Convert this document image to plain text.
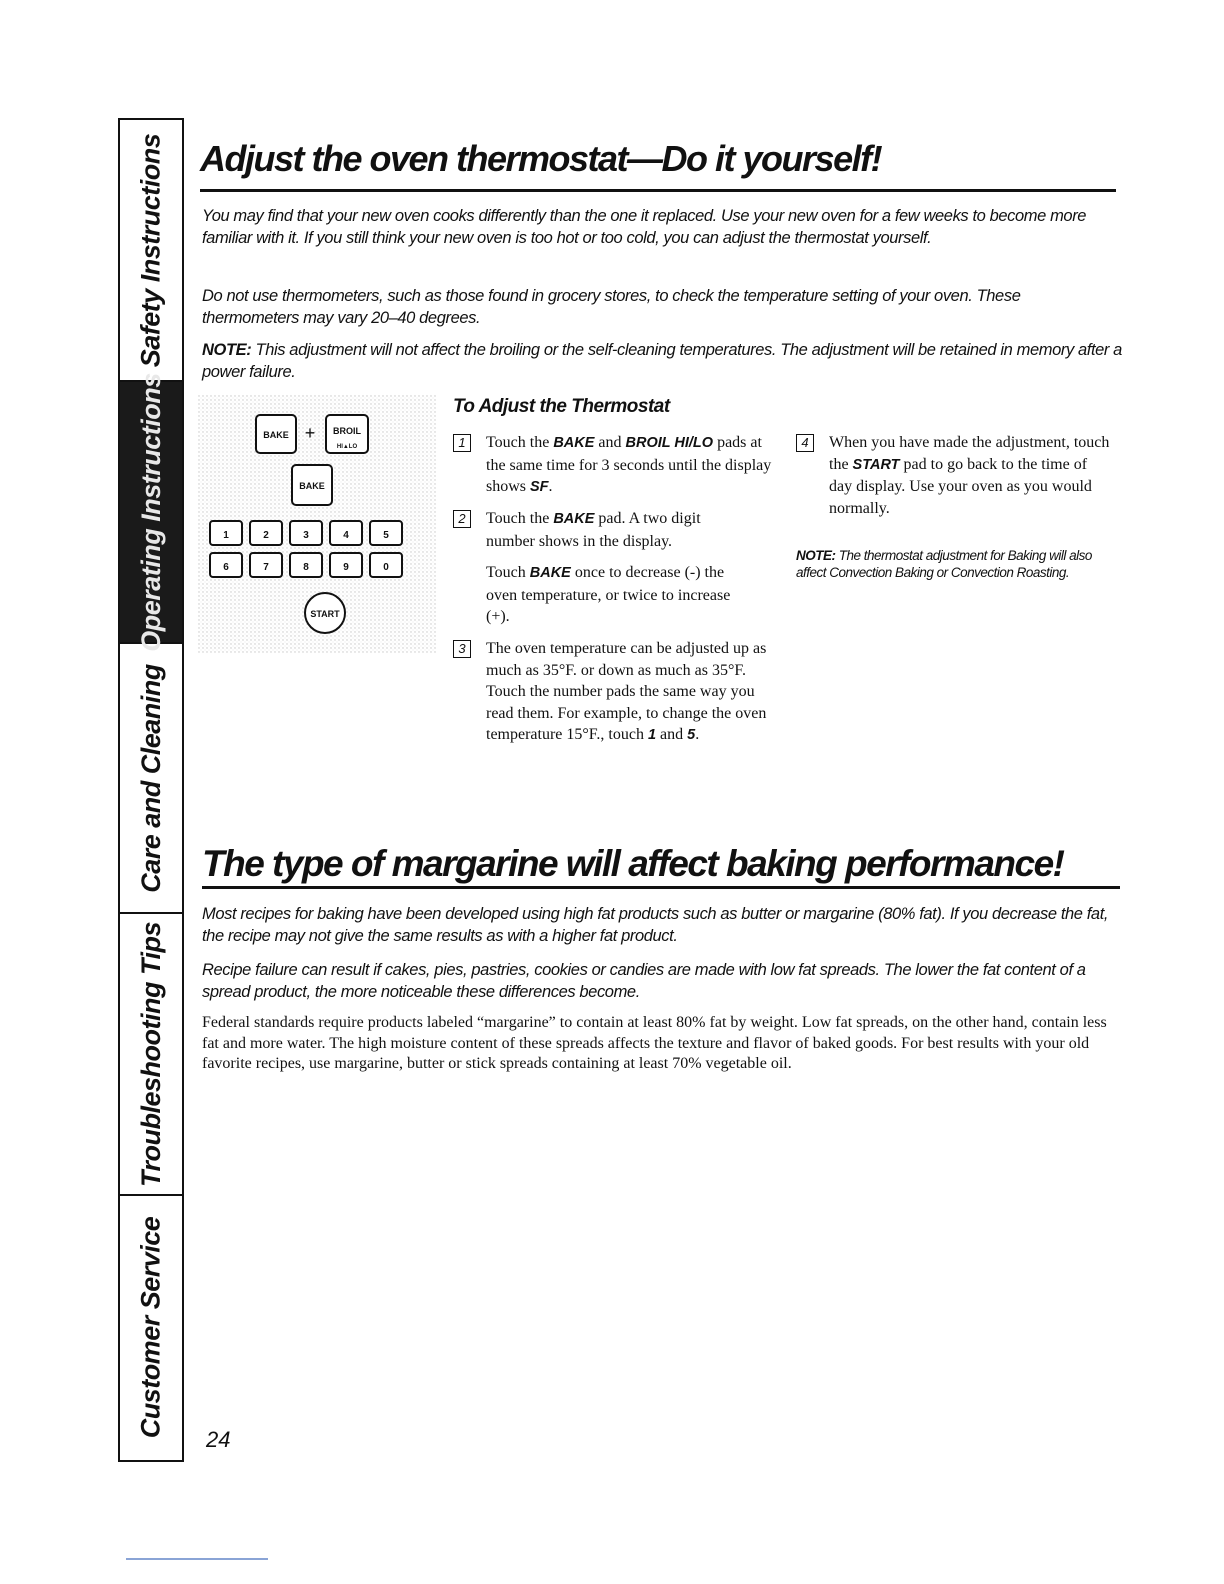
Safety Instructions
Operating Instructions
Care and Cleaning
Troubleshooting Tips
Customer Service
Adjust the oven thermostat—Do it yourself!

You may find that your new oven cooks differently than the one it replaced. Use your new oven for a few weeks to become more familiar with it. If you still think your new oven is too hot or too cold, you can adjust the thermostat yourself.

Do not use thermometers, such as those found in grocery stores, to check the temperature setting of your oven. These thermometers may vary 20–40 degrees.

NOTE: This adjustment will not affect the broiling or the self-cleaning temperatures. The adjustment will be retained in memory after a power failure.

BAKE + BROIL
HI▲LO
BAKE
1	2	3	4	5
6	7	8	9	0
START
To Adjust the Thermostat
1	Touch the BAKE and BROIL HI/LO pads at the same time for 3 seconds until the display shows SF.
2	Touch the BAKE pad. A two digit number shows in the display.
Touch BAKE once to decrease (-) the oven temperature, or twice to increase (+).
3	The oven temperature can be adjusted up as much as 35°F. or down as much as 35°F. Touch the number pads the same way you read them. For example, to change the oven temperature 15°F., touch 1 and 5.
4	When you have made the adjustment, touch the START pad to go back to the time of day display. Use your oven as you would normally.
NOTE: The thermostat adjustment for Baking will also affect Convection Baking or Convection Roasting.
The type of margarine will affect baking performance!

Most recipes for baking have been developed using high fat products such as butter or margarine (80% fat). If you decrease the fat, the recipe may not give the same results as with a higher fat product.

Recipe failure can result if cakes, pies, pastries, cookies or candies are made with low fat spreads. The lower the fat content of a spread product, the more noticeable these differences become.

Federal standards require products labeled “margarine” to contain at least 80% fat by weight. Low fat spreads, on the other hand, contain less fat and more water. The high moisture content of these spreads affects the texture and flavor of baked goods. For best results with your old favorite recipes, use margarine, butter or stick spreads containing at least 70% vegetable oil.

24
